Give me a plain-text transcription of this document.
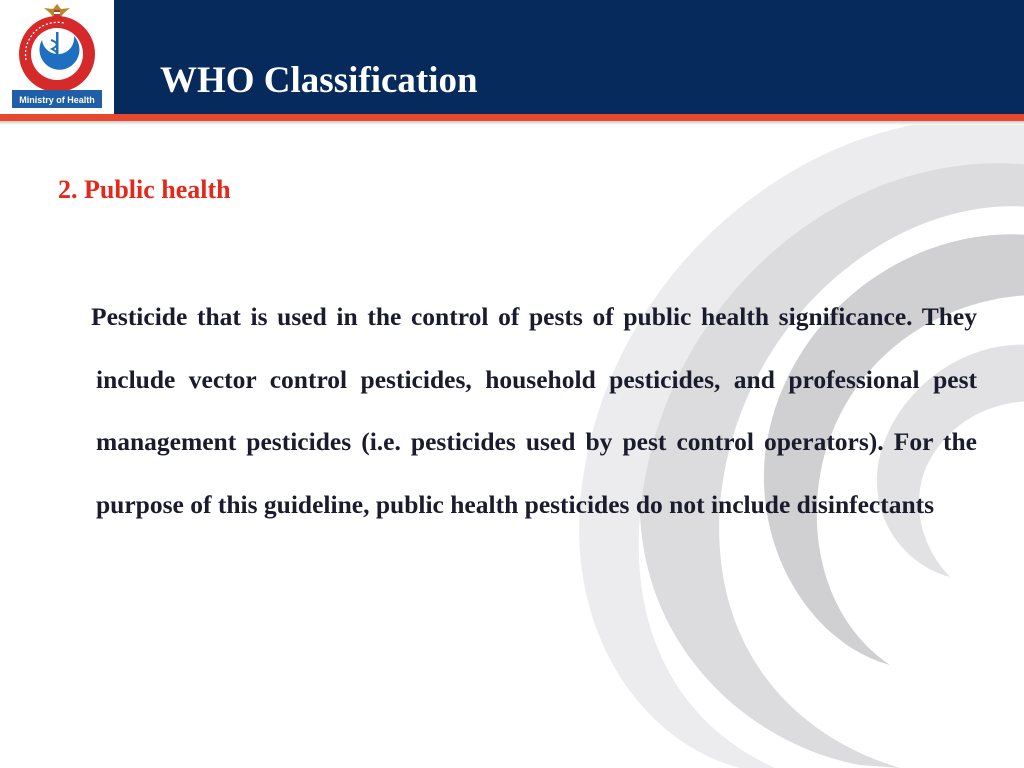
Ministry of Health WHO Classification
2. Public health

Pesticide that is used in the control of pests of public health significance. They include vector control pesticides, household pesticides, and professional pest management pesticides (i.e. pesticides used by pest control operators). For the purpose of this guideline, public health pesticides do not include disinfectants
